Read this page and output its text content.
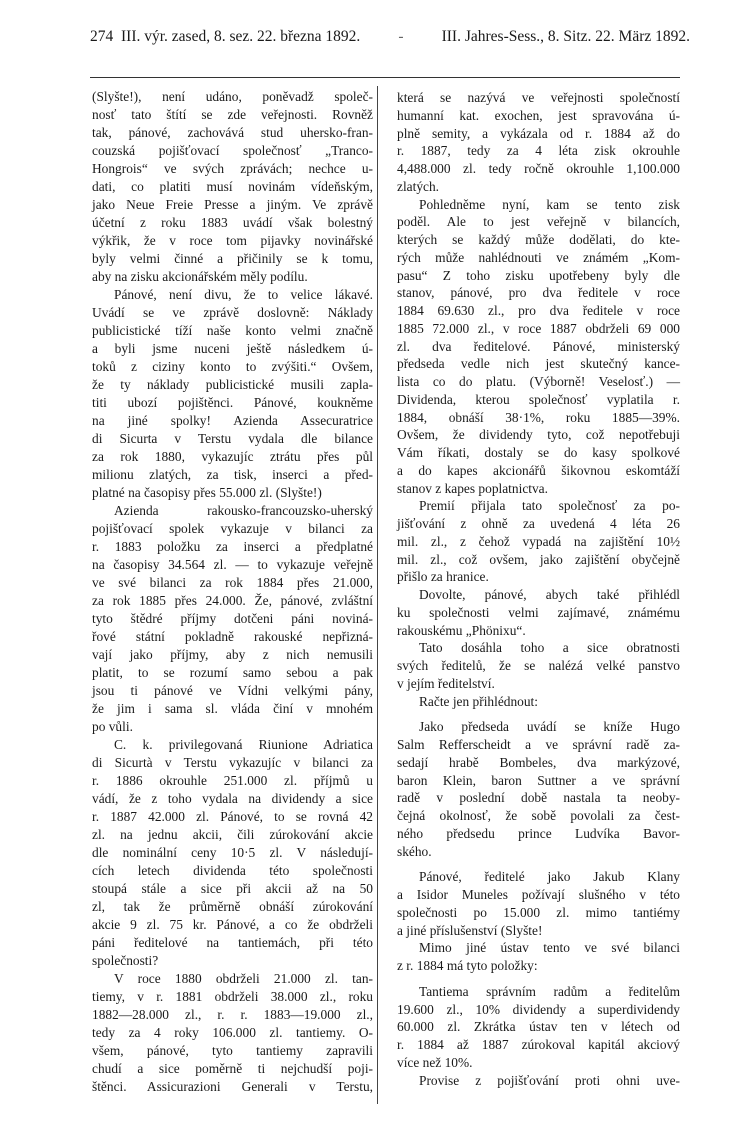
274 III. výr. zased, 8. sez. 22. března 1892. - III. Jahres-Sess., 8. Sitz. 22. März 1892.
(Slyšte!), není udáno, poněvadž společ-
nosť tato štítí se zde veřejnosti. Rovněž
tak, pánové, zachovává stud uhersko-fran-
couzská pojišťovací společnosť „Tranco-
Hongrois“ ve svých zprávách; nechce u-
dati, co platiti musí novinám vídeňským,
jako Neue Freie Presse a jiným. Ve zprávě
účetní z roku 1883 uvádí však bolestný
výkřik, že v roce tom pijavky novinářské
byly velmi činné a přičinily se k tomu,
aby na zisku akcionářském měly podílu.
Pánové, není divu, že to velice lákavé.
Uvádí se ve zprávě doslovně: Náklady
publicistické tíží naše konto velmi značně
a byli jsme nuceni ještě následkem ú-
toků z ciziny konto to zvýšiti.“ Ovšem,
že ty náklady publicistické musili zapla-
titi ubozí pojištěnci. Pánové, koukněme
na jiné spolky! Azienda Assecuratrice
di Sicurta v Terstu vydala dle bilance
za rok 1880, vykazujíc ztrátu přes půl
milionu zlatých, za tisk, inserci a před-
platné na časopisy přes 55.000 zl. (Slyšte!)
Azienda rakousko-francouzsko-uherský
pojišťovací spolek vykazuje v bilanci za
r. 1883 položku za inserci a předplatné
na časopisy 34.564 zl. — to vykazuje veřejně
ve své bilanci za rok 1884 přes 21.000,
za rok 1885 přes 24.000. Že, pánové, zvláštní
tyto štědré příjmy dotčeni páni noviná-
řové státní pokladně rakouské nepřizná-
vají jako příjmy, aby z nich nemusili
platit, to se rozumí samo sebou a pak
jsou ti pánové ve Vídni velkými pány,
že jim i sama sl. vláda činí v mnohém
po vůli.
C. k. privilegovaná Riunione Adriatica
di Sicurtà v Terstu vykazujíc v bilanci za
r. 1886 okrouhle 251.000 zl. příjmů u
vádí, že z toho vydala na dividendy a sice
r. 1887 42.000 zl. Pánové, to se rovná 42
zl. na jednu akcii, čili zúrokování akcie
dle nominální ceny 10·5 zl. V následují-
cích letech dividenda této společnosti
stoupá stále a sice při akcii až na 50
zl, tak že průměrně obnáší zúrokování
akcie 9 zl. 75 kr. Pánové, a co že obdrželi
páni ředitelové na tantiemách, při této
společnosti?
V roce 1880 obdrželi 21.000 zl. tan-
tiemy, v r. 1881 obdrželi 38.000 zl., roku
1882—28.000 zl., r. r. 1883—19.000 zl.,
tedy za 4 roky 106.000 zl. tantiemy. O-
všem, pánové, tyto tantiemy zapravili
chudí a sice poměrně ti nejchudší poji-
štěnci. Assicurazioni Generali v Terstu,
která se nazývá ve veřejnosti společností
humanní kat. exochen, jest spravována ú-
plně semity, a vykázala od r. 1884 až do
r. 1887, tedy za 4 léta zisk okrouhle
4,488.000 zl. tedy ročně okrouhle 1,100.000
zlatých.
Pohledněme nyní, kam se tento zisk
poděl. Ale to jest veřejně v bilancích,
kterých se každý může dodělati, do kte-
rých může nahlédnouti ve známém „Kom-
pasu“ Z toho zisku upotřebeny byly dle
stanov, pánové, pro dva ředitele v roce
1884 69.630 zl., pro dva ředitele v roce
1885 72.000 zl., v roce 1887 obdrželi 69 000
zl. dva ředitelové. Pánové, ministerský
předseda vedle nich jest skutečný kance-
lista co do platu. (Výborně! Veselosť.) —
Dividenda, kterou společnosť vyplatila r.
1884, obnáší 38·1%, roku 1885—39%.
Ovšem, že dividendy tyto, což nepotřebuji
Vám říkati, dostaly se do kasy spolkové
a do kapes akcionářů šikovnou eskomtáží
stanov z kapes poplatnictva.
Premií přijala tato společnosť za po-
jišťování z ohně za uvedená 4 léta 26
mil. zl., z čehož vypadá na zajištění 10½
mil. zl., což ovšem, jako zajištění obyčejně
přišlo za hranice.
Dovolte, pánové, abych také přihlédl
ku společnosti velmi zajímavé, známému
rakouskému „Phönixu“.
Tato dosáhla toho a sice obratnosti
svých ředitelů, že se nalézá velké panstvo
v jejím ředitelství.
Račte jen přihlédnout:
Jako předseda uvádí se kníže Hugo
Salm Refferscheidt a ve správní radě za-
sedají hrabě Bombeles, dva markýzové,
baron Klein, baron Suttner a ve správní
radě v poslední době nastala ta neoby-
čejná okolnosť, že sobě povolali za čest-
ného předsedu prince Ludvíka Bavor-
ského.
Pánové, ředitelé jako Jakub Klany
a Isidor Muneles požívají slušného v této
společnosti po 15.000 zl. mimo tantiémy
a jiné příslušenství (Slyšte!
Mimo jiné ústav tento ve své bilanci
z r. 1884 má tyto položky:
Tantiema správním radům a ředitelům
19.600 zl., 10% dividendy a superdividendy
60.000 zl. Zkrátka ústav ten v létech od
r. 1884 až 1887 zúrokoval kapitál akciový
více než 10%.
Provise z pojišťování proti ohni uve-
